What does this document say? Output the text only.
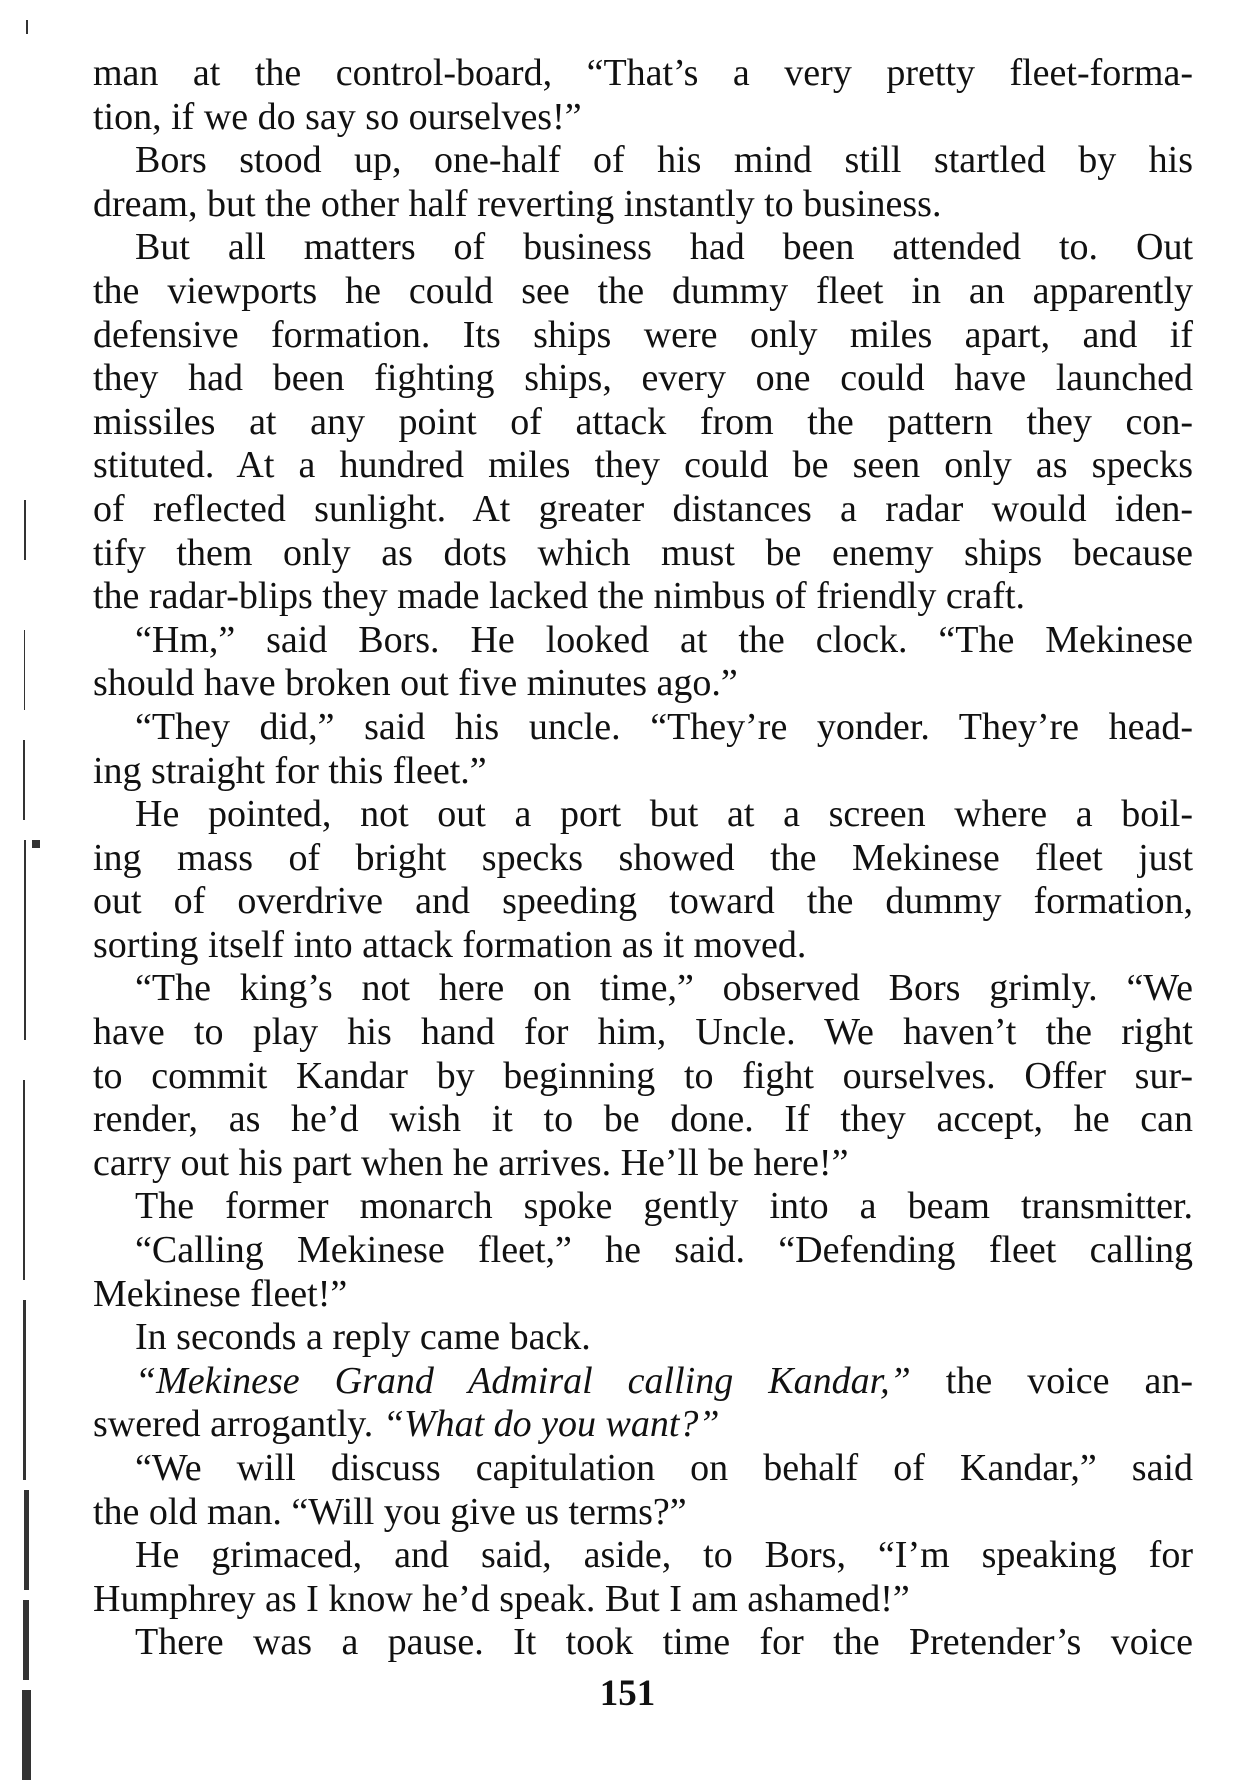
man at the control-board, “That’s a very pretty fleet-forma-
tion, if we do say so ourselves!”
Bors stood up, one-half of his mind still startled by his
dream, but the other half reverting instantly to business.
But all matters of business had been attended to. Out
the viewports he could see the dummy fleet in an apparently
defensive formation. Its ships were only miles apart, and if
they had been fighting ships, every one could have launched
missiles at any point of attack from the pattern they con-
stituted. At a hundred miles they could be seen only as specks
of reflected sunlight. At greater distances a radar would iden-
tify them only as dots which must be enemy ships because
the radar-blips they made lacked the nimbus of friendly craft.
“Hm,” said Bors. He looked at the clock. “The Mekinese
should have broken out five minutes ago.”
“They did,” said his uncle. “They’re yonder. They’re head-
ing straight for this fleet.”
He pointed, not out a port but at a screen where a boil-
ing mass of bright specks showed the Mekinese fleet just
out of overdrive and speeding toward the dummy formation,
sorting itself into attack formation as it moved.
“The king’s not here on time,” observed Bors grimly. “We
have to play his hand for him, Uncle. We haven’t the right
to commit Kandar by beginning to fight ourselves. Offer sur-
render, as he’d wish it to be done. If they accept, he can
carry out his part when he arrives. He’ll be here!”
The former monarch spoke gently into a beam transmitter.
“Calling Mekinese fleet,” he said. “Defending fleet calling
Mekinese fleet!”
In seconds a reply came back.
“Mekinese Grand Admiral calling Kandar,” the voice an-
swered arrogantly. “What do you want?”
“We will discuss capitulation on behalf of Kandar,” said
the old man. “Will you give us terms?”
He grimaced, and said, aside, to Bors, “I’m speaking for
Humphrey as I know he’d speak. But I am ashamed!”
There was a pause. It took time for the Pretender’s voice
151
